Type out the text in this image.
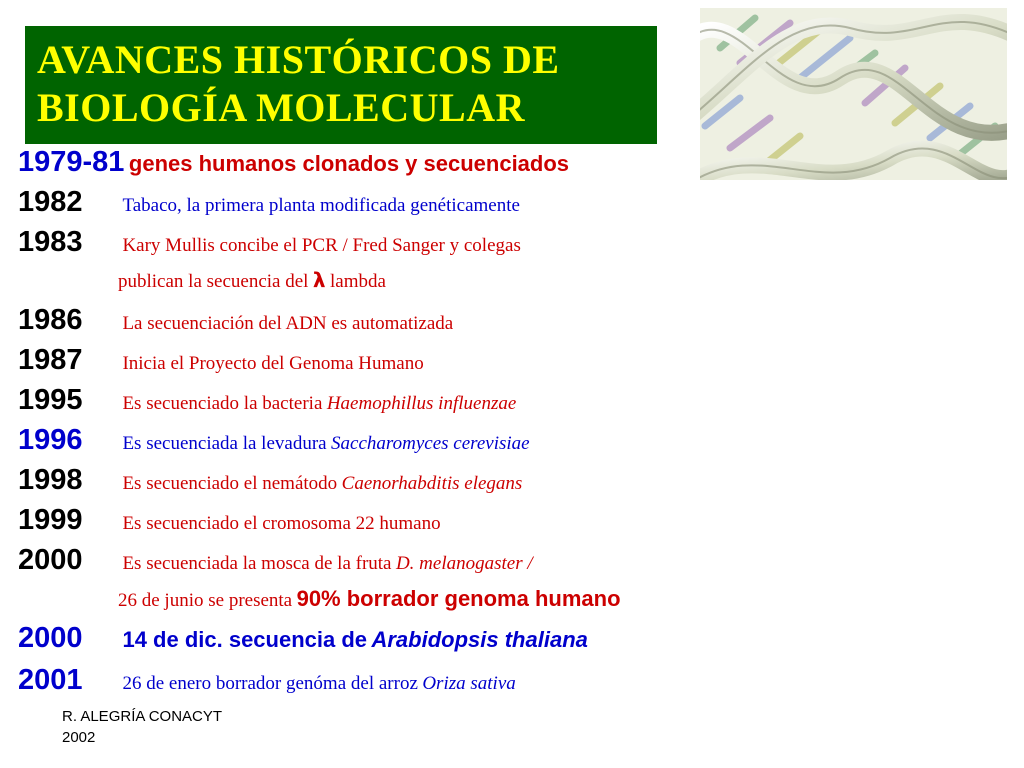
AVANCES HISTÓRICOS DE
BIOLOGÍA MOLECULAR
1979-81 genes humanos clonados y secuenciados
1982 Tabaco, la primera planta modificada genéticamente
1983 Kary Mullis concibe el PCR / Fred Sanger y colegas
publican la secuencia del λ lambda
1986 La secuenciación del ADN es automatizada
1987 Inicia el Proyecto del Genoma Humano
1995 Es secuenciado la bacteria Haemophillus influenzae
1996 Es secuenciada la levadura Saccharomyces cerevisiae
1998 Es secuenciado el nemátodo Caenorhabditis elegans
1999 Es secuenciado el cromosoma 22 humano
2000 Es secuenciada la mosca de la fruta D. melanogaster /
26 de junio se presenta 90% borrador genoma humano
2000 14 de dic. secuencia de Arabidopsis thaliana
2001 26 de enero borrador genóma del arroz Oriza sativa
R. ALEGRÍA CONACYT
2002
